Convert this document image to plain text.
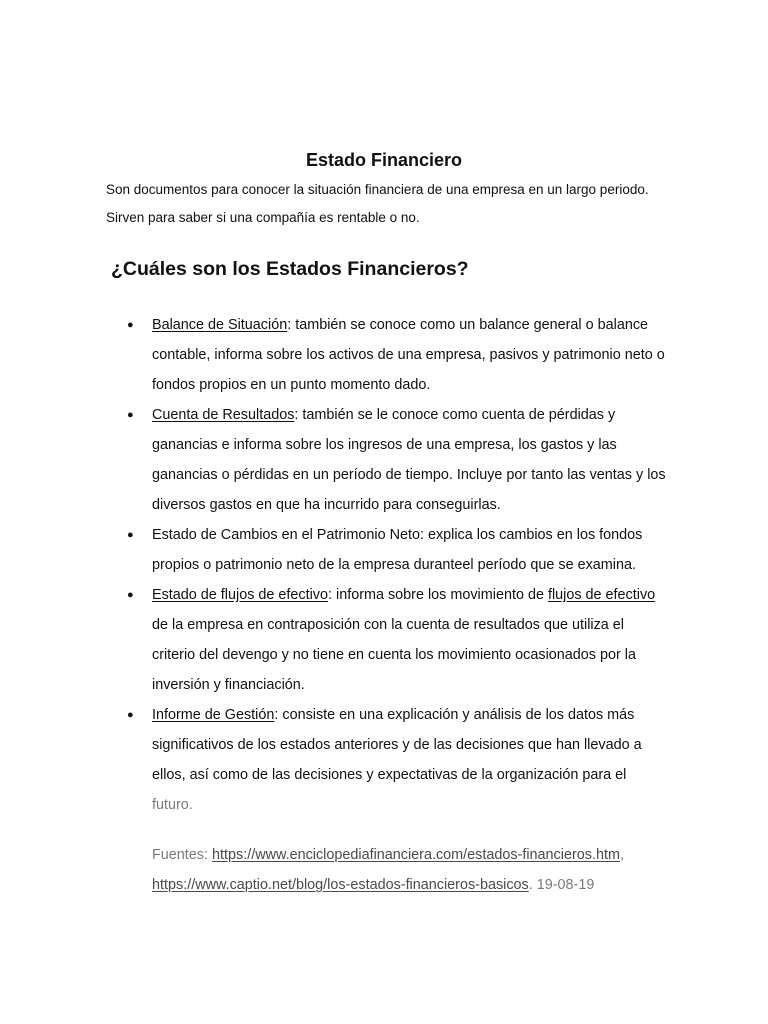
Estado Financiero
Son documentos para conocer la situación financiera de una empresa en un largo periodo.
Sirven para saber si una compañía es rentable o no.
¿Cuáles son los Estados Financieros?
●	Balance de Situación: también se conoce como un balance general o balance contable, informa sobre los activos de una empresa, pasivos y patrimonio neto o fondos propios en un punto momento dado.
●	Cuenta de Resultados: también se le conoce como cuenta de pérdidas y ganancias e informa sobre los ingresos de una empresa, los gastos y las ganancias o pérdidas en un período de tiempo. Incluye por tanto las ventas y los diversos gastos en que ha incurrido para conseguirlas.
●	Estado de Cambios en el Patrimonio Neto: explica los cambios en los fondos propios o patrimonio neto de la empresa duranteel período que se examina.
●	Estado de flujos de efectivo: informa sobre los movimiento de flujos de efectivo de la empresa en contraposición con la cuenta de resultados que utiliza el criterio del devengo y no tiene en cuenta los movimiento ocasionados por la inversión y financiación.
●	Informe de Gestión: consiste en una explicación y análisis de los datos más significativos de los estados anteriores y de las decisiones que han llevado a ellos, así como de las decisiones y expectativas de la organización para el
futuro.
Fuentes: https://www.enciclopediafinanciera.com/estados-financieros.htm,
https://www.captio.net/blog/los-estados-financieros-basicos. 19-08-19
